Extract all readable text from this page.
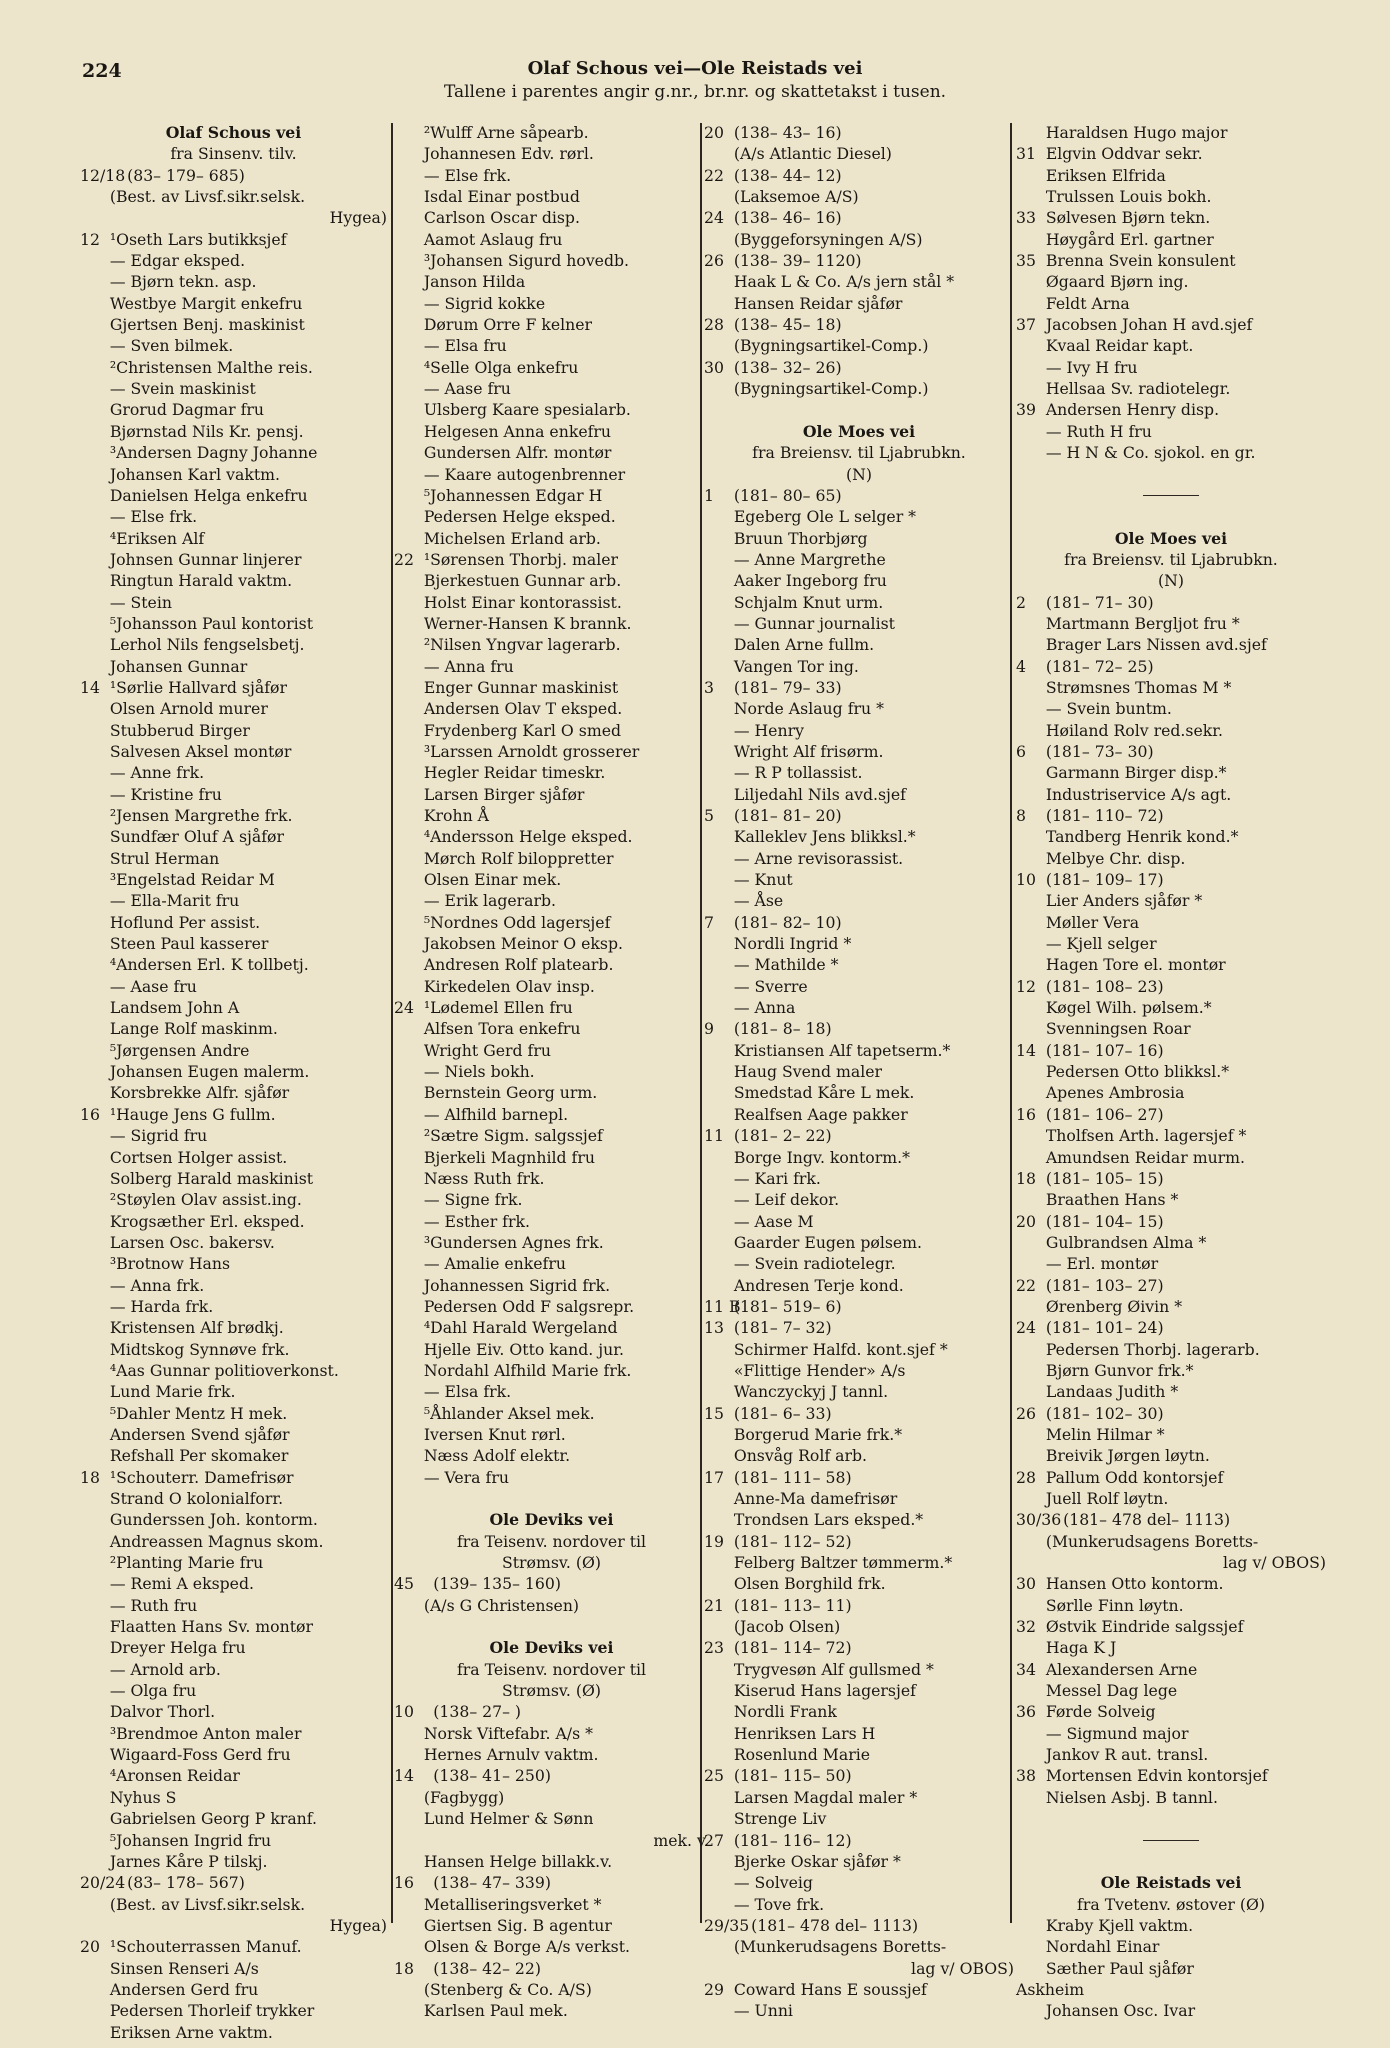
224	Olaf Schous vei—Ole Reistads vei
Tallene i parentes angir g.nr., br.nr. og skattetakst i tusen.
Olaf Schous vei
fra Sinsenv. tilv.
12/18 (83– 179– 685)
(Best. av Livsf.sikr.selsk.
Hygea)
12 ¹Oseth Lars butikksjef
— Edgar eksped.
— Bjørn tekn. asp.
Westbye Margit enkefru
Gjertsen Benj. maskinist
— Sven bilmek.
²Christensen Malthe reis.
— Svein maskinist
Grorud Dagmar fru
Bjørnstad Nils Kr. pensj.
³Andersen Dagny Johanne
Johansen Karl vaktm.
Danielsen Helga enkefru
— Else frk.
⁴Eriksen Alf
Johnsen Gunnar linjerer
Ringtun Harald vaktm.
— Stein
⁵Johansson Paul kontorist
Lerhol Nils fengselsbetj.
Johansen Gunnar
14 ¹Sørlie Hallvard sjåfør
Olsen Arnold murer
Stubberud Birger
Salvesen Aksel montør
— Anne frk.
— Kristine fru
²Jensen Margrethe frk.
Sundfær Oluf A sjåfør
Strul Herman
³Engelstad Reidar M
— Ella-Marit fru
Hoflund Per assist.
Steen Paul kasserer
⁴Andersen Erl. K tollbetj.
— Aase fru
Landsem John A
Lange Rolf maskinm.
⁵Jørgensen Andre
Johansen Eugen malerm.
Korsbrekke Alfr. sjåfør
16 ¹Hauge Jens G fullm.
— Sigrid fru
Cortsen Holger assist.
Solberg Harald maskinist
²Støylen Olav assist.ing.
Krogsæther Erl. eksped.
Larsen Osc. bakersv.
³Brotnow Hans
— Anna frk.
— Harda frk.
Kristensen Alf brødkj.
Midtskog Synnøve frk.
⁴Aas Gunnar politioverkonst.
Lund Marie frk.
⁵Dahler Mentz H mek.
Andersen Svend sjåfør
Refshall Per skomaker
18 ¹Schouterr. Damefrisør
Strand O kolonialforr.
Gunderssen Joh. kontorm.
Andreassen Magnus skom.
²Planting Marie fru
— Remi A eksped.
— Ruth fru
Flaatten Hans Sv. montør
Dreyer Helga fru
— Arnold arb.
— Olga fru
Dalvor Thorl.
³Brendmoe Anton maler
Wigaard-Foss Gerd fru
⁴Aronsen Reidar
Nyhus S
Gabrielsen Georg P kranf.
⁵Johansen Ingrid fru
Jarnes Kåre P tilskj.
20/24 (83– 178– 567)
(Best. av Livsf.sikr.selsk.
Hygea)
20 ¹Schouterrassen Manuf.
Sinsen Renseri A/s
Andersen Gerd fru
Pedersen Thorleif trykker
Eriksen Arne vaktm.
²Wulff Arne såpearb.
Johannesen Edv. rørl.
— Else frk.
Isdal Einar postbud
Carlson Oscar disp.
Aamot Aslaug fru
³Johansen Sigurd hovedb.
Janson Hilda
— Sigrid kokke
Dørum Orre F kelner
— Elsa fru
⁴Selle Olga enkefru
— Aase fru
Ulsberg Kaare spesialarb.
Helgesen Anna enkefru
Gundersen Alfr. montør
— Kaare autogenbrenner
⁵Johannessen Edgar H
Pedersen Helge eksped.
Michelsen Erland arb.
22 ¹Sørensen Thorbj. maler
Bjerkestuen Gunnar arb.
Holst Einar kontorassist.
Werner-Hansen K brannk.
²Nilsen Yngvar lagerarb.
— Anna fru
Enger Gunnar maskinist
Andersen Olav T eksped.
Frydenberg Karl O smed
³Larssen Arnoldt grosserer
Hegler Reidar timeskr.
Larsen Birger sjåfør
Krohn Å
⁴Andersson Helge eksped.
Mørch Rolf biloppretter
Olsen Einar mek.
— Erik lagerarb.
⁵Nordnes Odd lagersjef
Jakobsen Meinor O eksp.
Andresen Rolf platearb.
Kirkedelen Olav insp.
24 ¹Lødemel Ellen fru
Alfsen Tora enkefru
Wright Gerd fru
— Niels bokh.
Bernstein Georg urm.
— Alfhild barnepl.
²Sætre Sigm. salgssjef
Bjerkeli Magnhild fru
Næss Ruth frk.
— Signe frk.
— Esther frk.
³Gundersen Agnes frk.
— Amalie enkefru
Johannessen Sigrid frk.
Pedersen Odd F salgsrepr.
⁴Dahl Harald Wergeland
Hjelle Eiv. Otto kand. jur.
Nordahl Alfhild Marie frk.
— Elsa frk.
⁵Åhlander Aksel mek.
Iversen Knut rørl.
Næss Adolf elektr.
— Vera fru
Ole Deviks vei
fra Teisenv. nordover til
Strømsv. (Ø)
45 (139– 135– 160)
(A/s G Christensen)
Ole Deviks vei
fra Teisenv. nordover til
Strømsv. (Ø)
10 (138– 27– )
Norsk Viftefabr. A/s *
Hernes Arnulv vaktm.
14 (138– 41– 250)
(Fagbygg)
Lund Helmer & Sønn
mek. v.
Hansen Helge billakk.v.
16 (138– 47– 339)
Metalliseringsverket *
Giertsen Sig. B agentur
Olsen & Borge A/s verkst.
18 (138– 42– 22)
(Stenberg & Co. A/S)
Karlsen Paul mek.
20 (138– 43– 16)
(A/s Atlantic Diesel)
22 (138– 44– 12)
(Laksemoe A/S)
24 (138– 46– 16)
(Byggeforsyningen A/S)
26 (138– 39– 1120)
Haak L & Co. A/s jern stål *
Hansen Reidar sjåfør
28 (138– 45– 18)
(Bygningsartikel-Comp.)
30 (138– 32– 26)
(Bygningsartikel-Comp.)
Ole Moes vei
fra Breiensv. til Ljabrubkn.
(N)
1 (181– 80– 65)
Egeberg Ole L selger *
Bruun Thorbjørg
— Anne Margrethe
Aaker Ingeborg fru
Schjalm Knut urm.
— Gunnar journalist
Dalen Arne fullm.
Vangen Tor ing.
3 (181– 79– 33)
Norde Aslaug fru *
— Henry
Wright Alf frisørm.
— R P tollassist.
Liljedahl Nils avd.sjef
5 (181– 81– 20)
Kalleklev Jens blikksl.*
— Arne revisorassist.
— Knut
— Åse
7 (181– 82– 10)
Nordli Ingrid *
— Mathilde *
— Sverre
— Anna
9 (181– 8– 18)
Kristiansen Alf tapetserm.*
Haug Svend maler
Smedstad Kåre L mek.
Realfsen Aage pakker
11 (181– 2– 22)
Borge Ingv. kontorm.*
— Kari frk.
— Leif dekor.
— Aase M
Gaarder Eugen pølsem.
— Svein radiotelegr.
Andresen Terje kond.
11 B
(181– 519– 6)
13 (181– 7– 32)
Schirmer Halfd. kont.sjef *
«Flittige Hender» A/s
Wanczyckyj J tannl.
15 (181– 6– 33)
Borgerud Marie frk.*
Onsvåg Rolf arb.
17 (181– 111– 58)
Anne-Ma damefrisør
Trondsen Lars eksped.*
19 (181– 112– 52)
Felberg Baltzer tømmerm.*
Olsen Borghild frk.
21 (181– 113– 11)
(Jacob Olsen)
23 (181– 114– 72)
Trygvesøn Alf gullsmed *
Kiserud Hans lagersjef
Nordli Frank
Henriksen Lars H
Rosenlund Marie
25 (181– 115– 50)
Larsen Magdal maler *
Strenge Liv
27 (181– 116– 12)
Bjerke Oskar sjåfør *
— Solveig
— Tove frk.
29/35 (181– 478 del– 1113)
(Munkerudsagens Boretts-
lag v/ OBOS)
29 Coward Hans E soussjef
— Unni
Haraldsen Hugo major
31 Elgvin Oddvar sekr.
Eriksen Elfrida
Trulssen Louis bokh.
33 Sølvesen Bjørn tekn.
Høygård Erl. gartner
35 Brenna Svein konsulent
Øgaard Bjørn ing.
Feldt Arna
37 Jacobsen Johan H avd.sjef
Kvaal Reidar kapt.
— Ivy H fru
Hellsaa Sv. radiotelegr.
39 Andersen Henry disp.
— Ruth H fru
— H N & Co. sjokol. en gr.
Ole Moes vei
fra Breiensv. til Ljabrubkn.
(N)
2 (181– 71– 30)
Martmann Bergljot fru *
Brager Lars Nissen avd.sjef
4 (181– 72– 25)
Strømsnes Thomas M *
— Svein buntm.
Høiland Rolv red.sekr.
6 (181– 73– 30)
Garmann Birger disp.*
Industriservice A/s agt.
8 (181– 110– 72)
Tandberg Henrik kond.*
Melbye Chr. disp.
10 (181– 109– 17)
Lier Anders sjåfør *
Møller Vera
— Kjell selger
Hagen Tore el. montør
12 (181– 108– 23)
Køgel Wilh. pølsem.*
Svenningsen Roar
14 (181– 107– 16)
Pedersen Otto blikksl.*
Apenes Ambrosia
16 (181– 106– 27)
Tholfsen Arth. lagersjef *
Amundsen Reidar murm.
18 (181– 105– 15)
Braathen Hans *
20 (181– 104– 15)
Gulbrandsen Alma *
— Erl. montør
22 (181– 103– 27)
Ørenberg Øivin *
24 (181– 101– 24)
Pedersen Thorbj. lagerarb.
Bjørn Gunvor frk.*
Landaas Judith *
26 (181– 102– 30)
Melin Hilmar *
Breivik Jørgen løytn.
28 Pallum Odd kontorsjef
Juell Rolf løytn.
30/36 (181– 478 del– 1113)
(Munkerudsagens Boretts-
lag v/ OBOS)
30 Hansen Otto kontorm.
Sørlle Finn løytn.
32 Østvik Eindride salgssjef
Haga K J
34 Alexandersen Arne
Messel Dag lege
36 Førde Solveig
— Sigmund major
Jankov R aut. transl.
38 Mortensen Edvin kontorsjef
Nielsen Asbj. B tannl.
Ole Reistads vei
fra Tvetenv. østover (Ø)
Kraby Kjell vaktm.
Nordahl Einar
Sæther Paul sjåfør
Askheim
Johansen Osc. Ivar
